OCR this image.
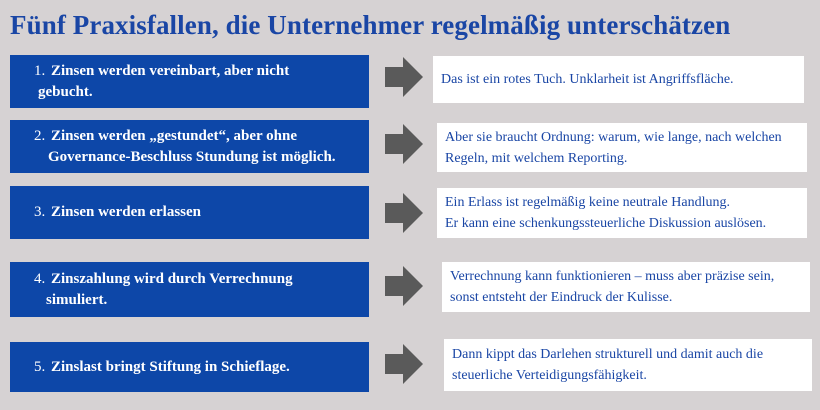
Fünf Praxisfallen, die Unternehmer regelmäßig unterschätzen
1. Zinsen werden vereinbart, aber nicht
gebucht.
Das ist ein rotes Tuch. Unklarheit ist Angriffsfläche.
2. Zinsen werden „gestundet“, aber ohne
Governance-Beschluss Stundung ist möglich.
Aber sie braucht Ordnung: warum, wie lange, nach welchen
Regeln, mit welchem Reporting.
3. Zinsen werden erlassen
Ein Erlass ist regelmäßig keine neutrale Handlung.
Er kann eine schenkungssteuerliche Diskussion auslösen.
4. Zinszahlung wird durch Verrechnung
simuliert.
Verrechnung kann funktionieren – muss aber präzise sein,
sonst entsteht der Eindruck der Kulisse.
5. Zinslast bringt Stiftung in Schieflage.
Dann kippt das Darlehen strukturell und damit auch die
steuerliche Verteidigungsfähigkeit.
